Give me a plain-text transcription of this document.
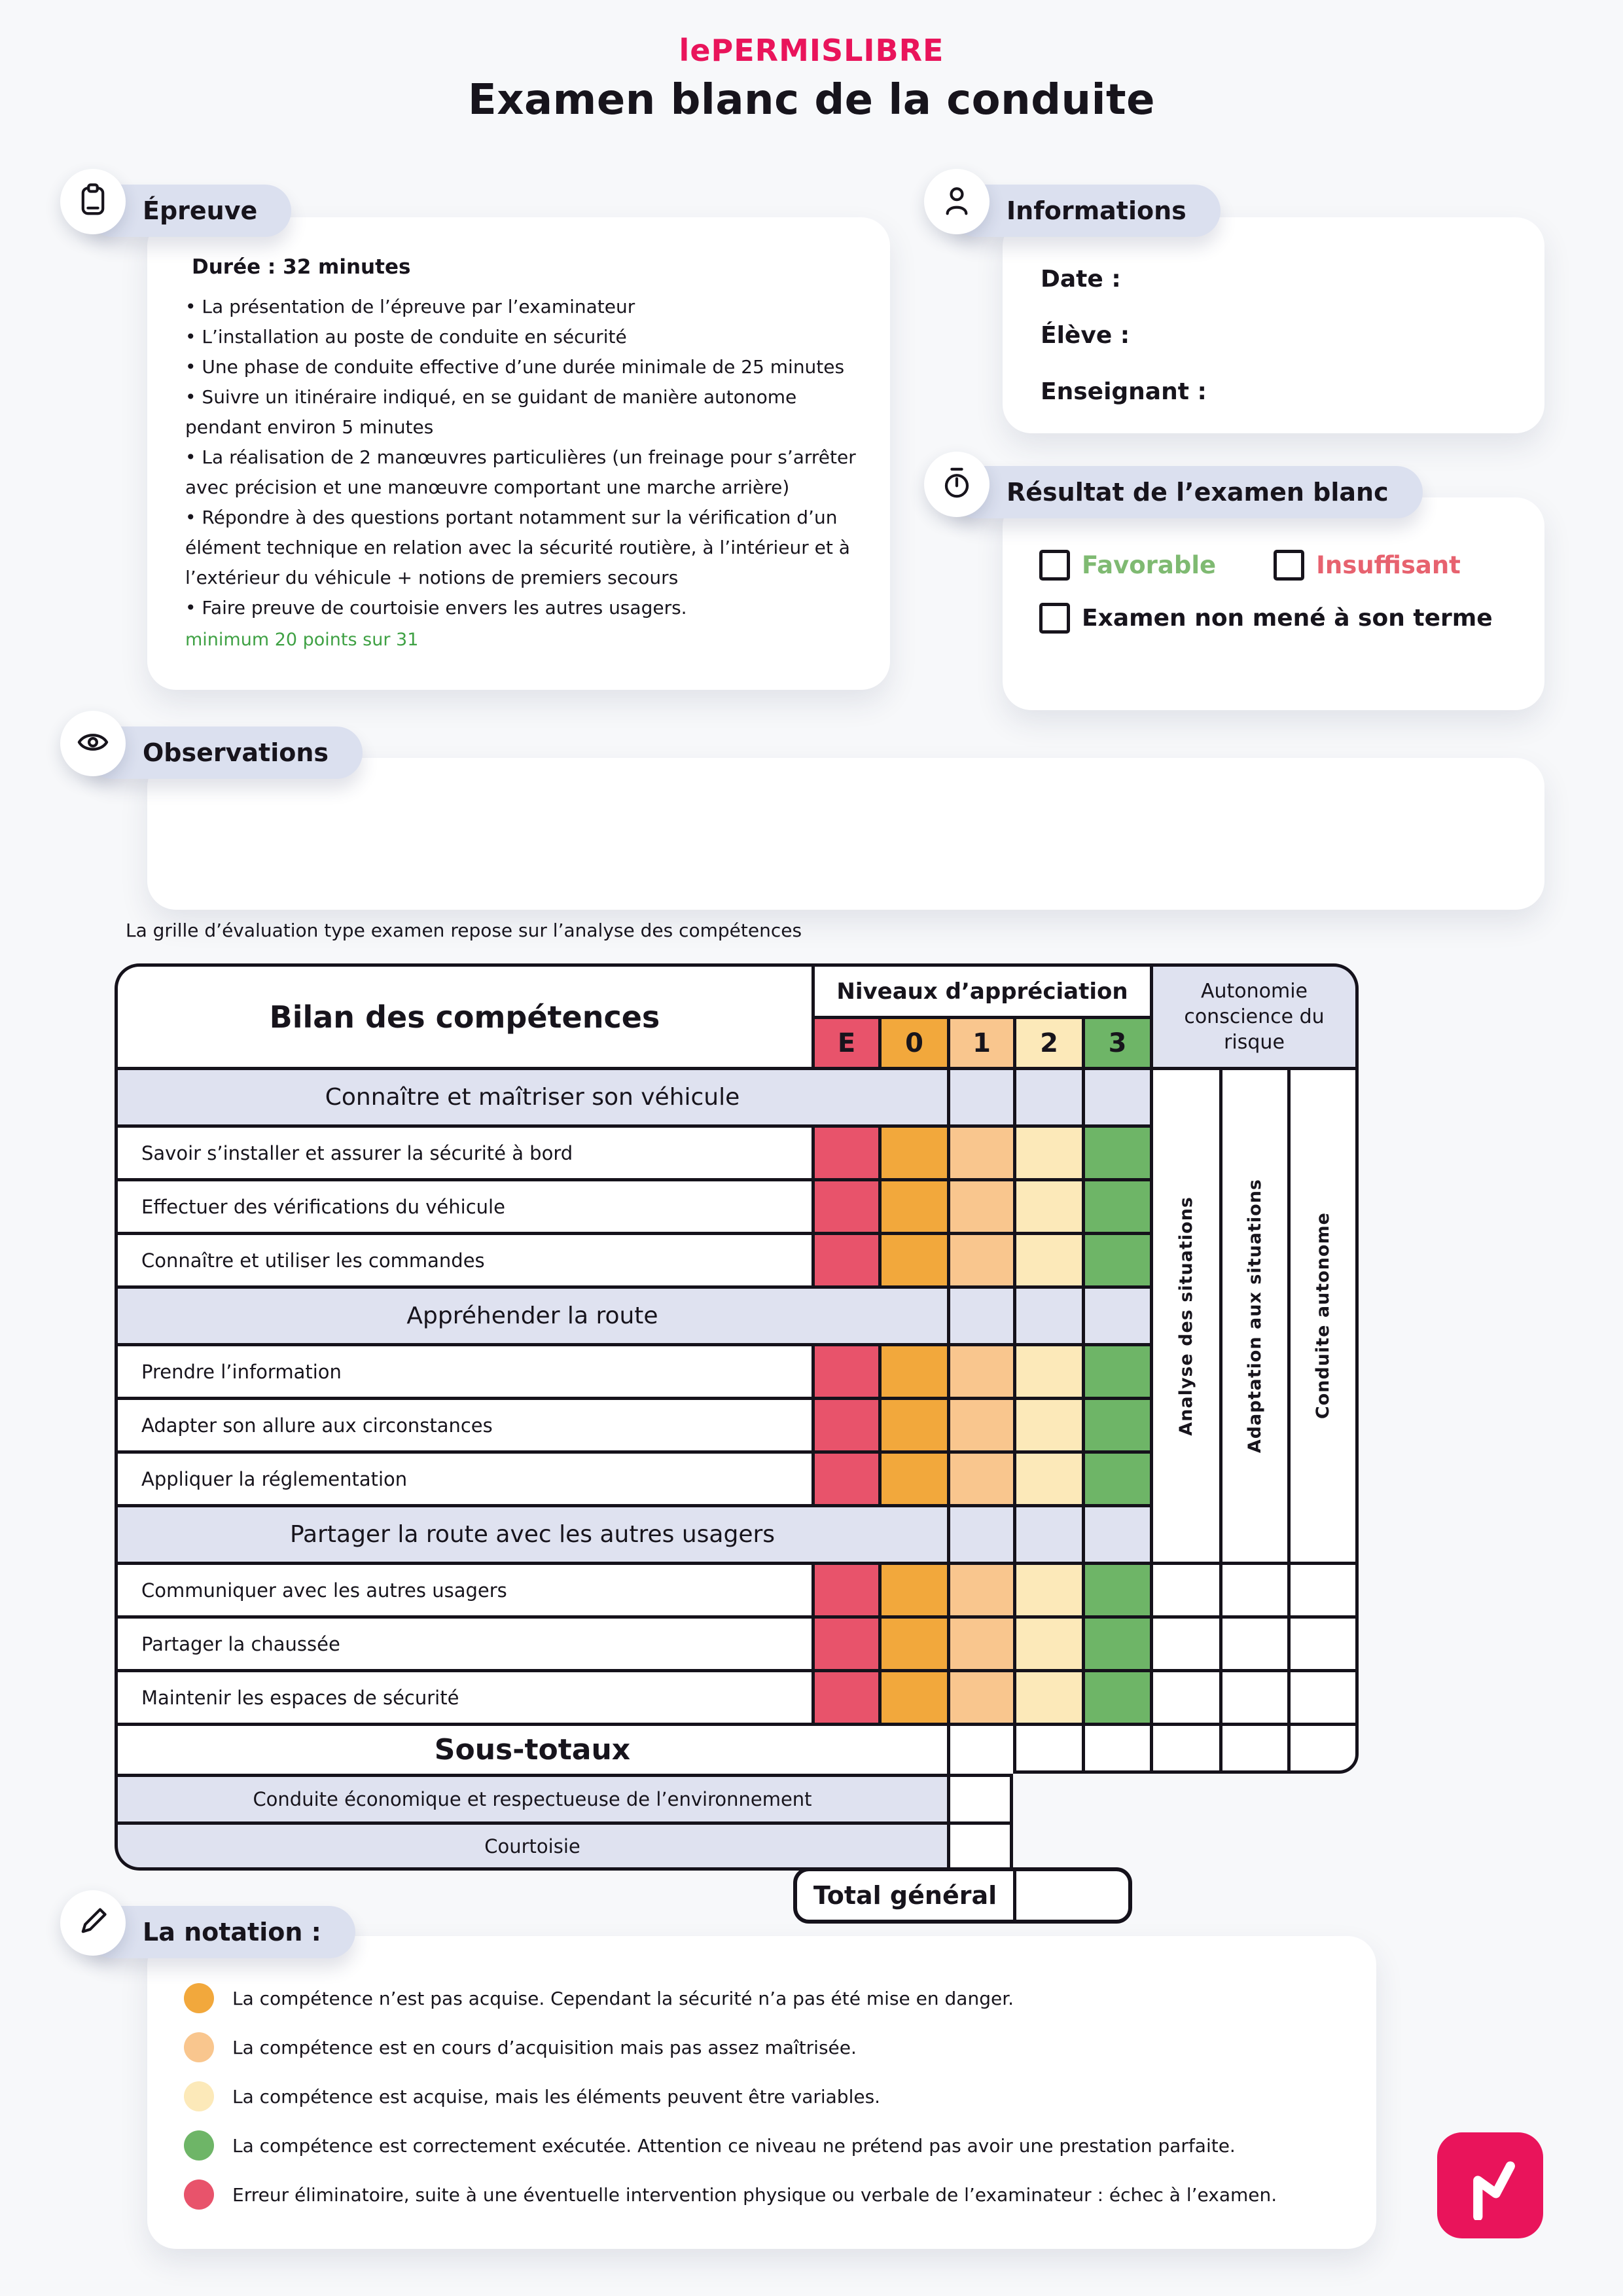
lePERMISLIBRE
Examen blanc de la conduite
Épreuve
Durée : 32 minutes
• La présentation de l’épreuve par l’examinateur
• L’installation au poste de conduite en sécurité
• Une phase de conduite effective d’une durée minimale de 25 minutes
• Suivre un itinéraire indiqué, en se guidant de manière autonome pendant environ 5 minutes
• La réalisation de 2 manœuvres particulières (un freinage pour s’arrêter avec précision et une manœuvre comportant une marche arrière)
• Répondre à des questions portant notamment sur la vérification d’un élément technique en relation avec la sécurité routière, à l’intérieur et à l’extérieur du véhicule + notions de premiers secours
• Faire preuve de courtoisie envers les autres usagers.
minimum 20 points sur 31
Informations
Date :
Élève :
Enseignant :
Résultat de l’examen blanc
Favorable	Insuffisant
Examen non mené à son terme
Observations
La grille d’évaluation type examen repose sur l’analyse des compétences
Bilan des compétences
Niveaux d’appréciation	Autonomie conscience du risque
E	0	1	2	3
Analyse des situations	Adaptation aux situations	Conduite autonome
Connaître et maîtriser son véhicule
Savoir s’installer et assurer la sécurité à bord
Effectuer des vérifications du véhicule
Connaître et utiliser les commandes
Appréhender la route
Prendre l’information
Adapter son allure aux circonstances
Appliquer la réglementation
Partager la route avec les autres usagers
Communiquer avec les autres usagers
Partager la chaussée
Maintenir les espaces de sécurité
Sous-totaux
Conduite économique et respectueuse de l’environnement
Courtoisie
Total général
La notation :
La compétence n’est pas acquise. Cependant la sécurité n’a pas été mise en danger.
La compétence est en cours d’acquisition mais pas assez maîtrisée.
La compétence est acquise, mais les éléments peuvent être variables.
La compétence est correctement exécutée. Attention ce niveau ne prétend pas avoir une prestation parfaite.
Erreur éliminatoire, suite à une éventuelle intervention physique ou verbale de l’examinateur : échec à l’examen.
